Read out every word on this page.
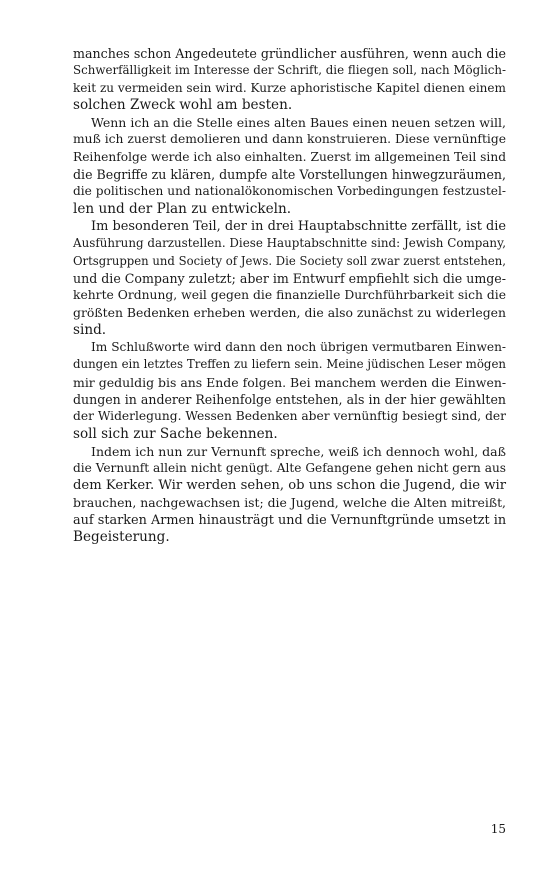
manches schon Angedeutete gründlicher ausführen, wenn auch die
Schwerfälligkeit im Interesse der Schrift, die fliegen soll, nach Möglich-
keit zu vermeiden sein wird. Kurze aphoristische Kapitel dienen einem
solchen Zweck wohl am besten.
Wenn ich an die Stelle eines alten Baues einen neuen setzen will,
muß ich zuerst demolieren und dann konstruieren. Diese vernünftige
Reihenfolge werde ich also einhalten. Zuerst im allgemeinen Teil sind
die Begriffe zu klären, dumpfe alte Vorstellungen hinwegzuräumen,
die politischen und nationalökonomischen Vorbedingungen festzustel-
len und der Plan zu entwickeln.
Im besonderen Teil, der in drei Hauptabschnitte zerfällt, ist die
Ausführung darzustellen. Diese Hauptabschnitte sind: Jewish Company,
Ortsgruppen und Society of Jews. Die Society soll zwar zuerst entstehen,
und die Company zuletzt; aber im Entwurf empfiehlt sich die umge-
kehrte Ordnung, weil gegen die finanzielle Durchführbarkeit sich die
größten Bedenken erheben werden, die also zunächst zu widerlegen
sind.
Im Schlußworte wird dann den noch übrigen vermutbaren Einwen-
dungen ein letztes Treffen zu liefern sein. Meine jüdischen Leser mögen
mir geduldig bis ans Ende folgen. Bei manchem werden die Einwen-
dungen in anderer Reihenfolge entstehen, als in der hier gewählten
der Widerlegung. Wessen Bedenken aber vernünftig besiegt sind, der
soll sich zur Sache bekennen.
Indem ich nun zur Vernunft spreche, weiß ich dennoch wohl, daß
die Vernunft allein nicht genügt. Alte Gefangene gehen nicht gern aus
dem Kerker. Wir werden sehen, ob uns schon die Jugend, die wir
brauchen, nachgewachsen ist; die Jugend, welche die Alten mitreißt,
auf starken Armen hinausträgt und die Vernunftgründe umsetzt in
Begeisterung.
15
